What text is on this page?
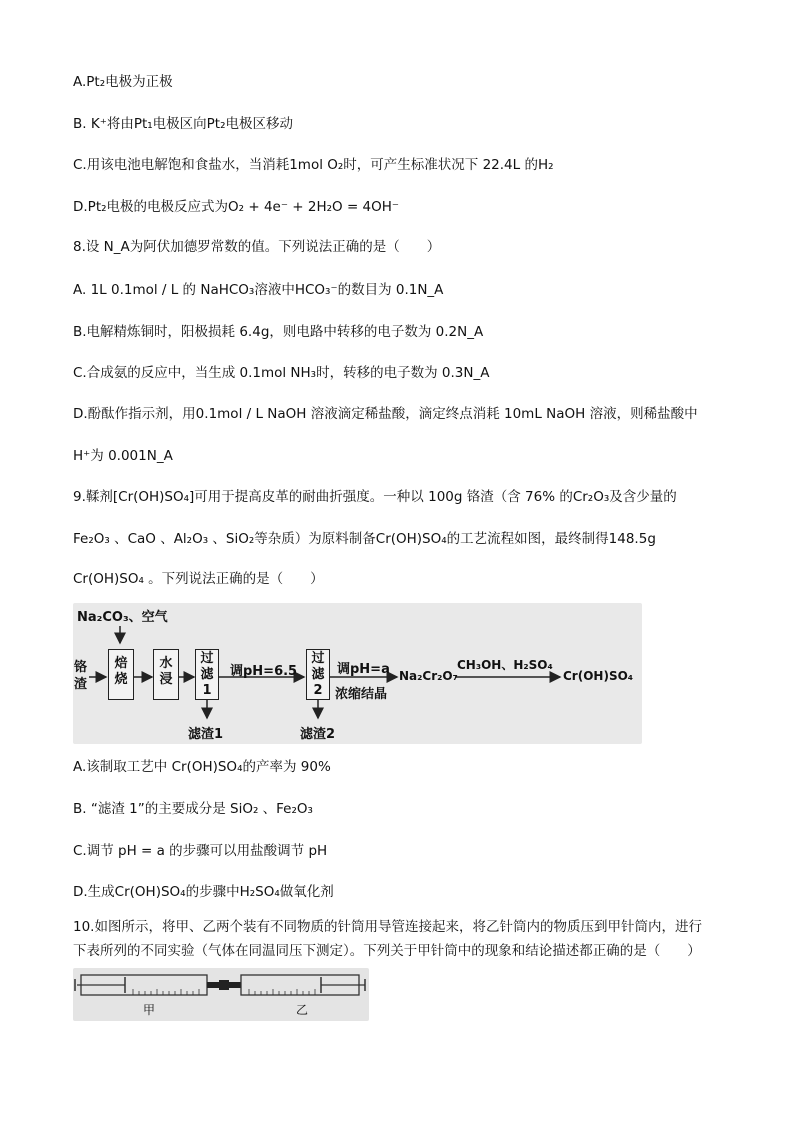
A.Pt₂电极为正极
B. K⁺将由Pt₁电极区向Pt₂电极区移动
C.用该电池电解饱和食盐水，当消耗1mol O₂时，可产生标准状况下 22.4L 的H₂
D.Pt₂电极的电极反应式为O₂ + 4e⁻ + 2H₂O = 4OH⁻
8.设 N_A为阿伏加德罗常数的值。下列说法正确的是（　　）
A. 1L 0.1mol / L 的 NaHCO₃溶液中HCO₃⁻的数目为 0.1N_A
B.电解精炼铜时，阳极损耗 6.4g，则电路中转移的电子数为 0.2N_A
C.合成氨的反应中，当生成 0.1mol NH₃时，转移的电子数为 0.3N_A
D.酚酞作指示剂，用0.1mol / L NaOH 溶液滴定稀盐酸，滴定终点消耗 10mL NaOH 溶液，则稀盐酸中
H⁺为 0.001N_A
9.鞣剂[Cr(OH)SO₄]可用于提高皮革的耐曲折强度。一种以 100g 铬渣（含 76% 的Cr₂O₃及含少量的
Fe₂O₃ 、CaO 、Al₂O₃ 、SiO₂等杂质）为原料制备Cr(OH)SO₄的工艺流程如图，最终制得148.5g
Cr(OH)SO₄ 。下列说法正确的是（　　）
Na₂CO₃、空气
铬渣
焙烧
水浸
过滤1
调pH=6.5
过滤2
调pH=a
浓缩结晶
Na₂Cr₂O₇
CH₃OH、H₂SO₄
Cr(OH)SO₄
滤渣1	滤渣2
A.该制取工艺中 Cr(OH)SO₄的产率为 90%
B. “滤渣 1”的主要成分是 SiO₂ 、Fe₂O₃
C.调节 pH = a 的步骤可以用盐酸调节 pH
D.生成Cr(OH)SO₄的步骤中H₂SO₄做氧化剂
10.如图所示，将甲、乙两个装有不同物质的针筒用导管连接起来，将乙针筒内的物质压到甲针筒内，进行
下表所列的不同实验（气体在同温同压下测定）。下列关于甲针筒中的现象和结论描述都正确的是（　　）
甲	乙
